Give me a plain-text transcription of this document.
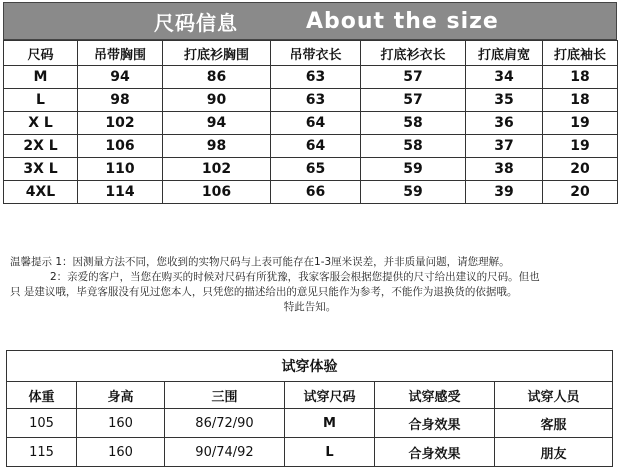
尺码信息	About the size
尺码	吊带胸围	打底衫胸围	吊带衣长	打底衫衣长	打底肩宽	打底袖长
M	94	86	63	57	34	18
L	98	90	63	57	35	18
X L	102	94	64	58	36	19
2X L	106	98	64	58	37	19
3X L	110	102	65	59	38	20
4XL	114	106	66	59	39	20

温馨提示 1：因测量方法不同，您收到的实物尺码与上表可能存在1-3厘米误差，并非质量问题，请您理解。

2：亲爱的客户，当您在购买的时候对尺码有所犹豫，我家客服会根据您提供的尺寸给出建议的尺码。但也

只 是建议哦，毕竟客服没有见过您本人，只凭您的描述给出的意见只能作为参考，不能作为退换货的依据哦。

特此告知。

试穿体验					
体重	身高	三围	试穿尺码	试穿感受	试穿人员
105	160	86/72/90	M	合身效果	客服
115	160	90/74/92	L	合身效果	朋友
